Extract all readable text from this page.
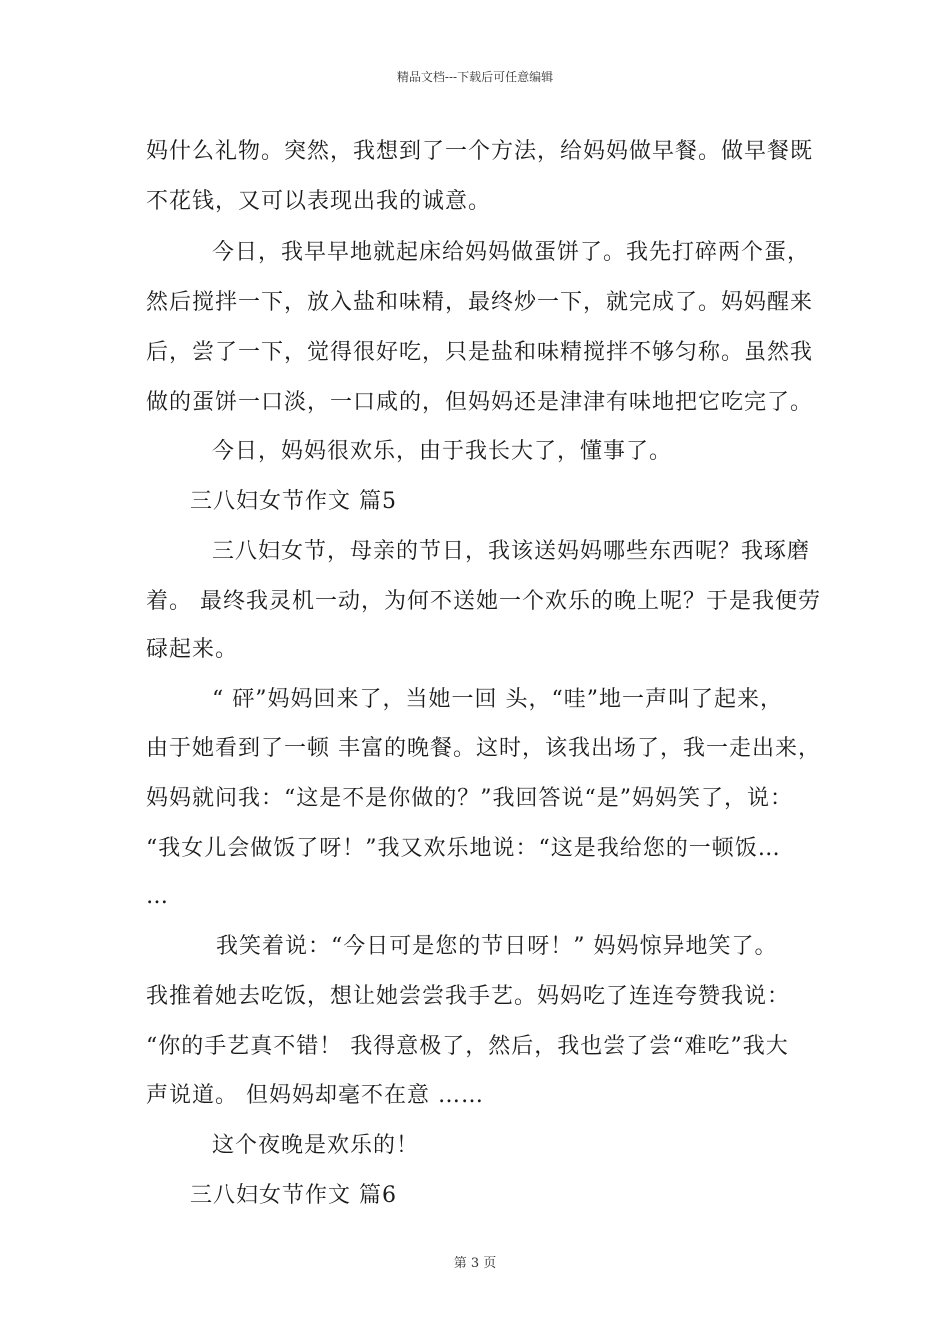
精品文档---下载后可任意编辑
妈什么礼物。突然，我想到了一个方法，给妈妈做早餐。做早餐既
不花钱，又可以表现出我的诚意。
今日，我早早地就起床给妈妈做蛋饼了。我先打碎两个蛋，
然后搅拌一下，放入盐和味精，最终炒一下，就完成了。妈妈醒来
后，尝了一下，觉得很好吃，只是盐和味精搅拌不够匀称。虽然我
做的蛋饼一口淡，一口咸的，但妈妈还是津津有味地把它吃完了。
今日，妈妈很欢乐，由于我长大了，懂事了。
三八妇女节作文 篇5
三八妇女节，母亲的节日，我该送妈妈哪些东西呢？我琢磨
着。 最终我灵机一动，为何不送她一个欢乐的晚上呢？于是我便劳
碌起来。
“ 砰”妈妈回来了，当她一回 头，“哇”地一声叫了起来，
由于她看到了一顿 丰富的晚餐。这时，该我出场了，我一走出来，
妈妈就问我：“这是不是你做的？”我回答说“是”妈妈笑了，说：
“我女儿会做饭了呀！”我又欢乐地说：“这是我给您的一顿饭…
…
我笑着说：“今日可是您的节日呀！” 妈妈惊异地笑了。
我推着她去吃饭，想让她尝尝我手艺。妈妈吃了连连夸赞我说：
“你的手艺真不错！ 我得意极了，然后，我也尝了尝“难吃”我大
声说道。 但妈妈却毫不在意 ……
这个夜晚是欢乐的！
三八妇女节作文 篇6
第 3 页
